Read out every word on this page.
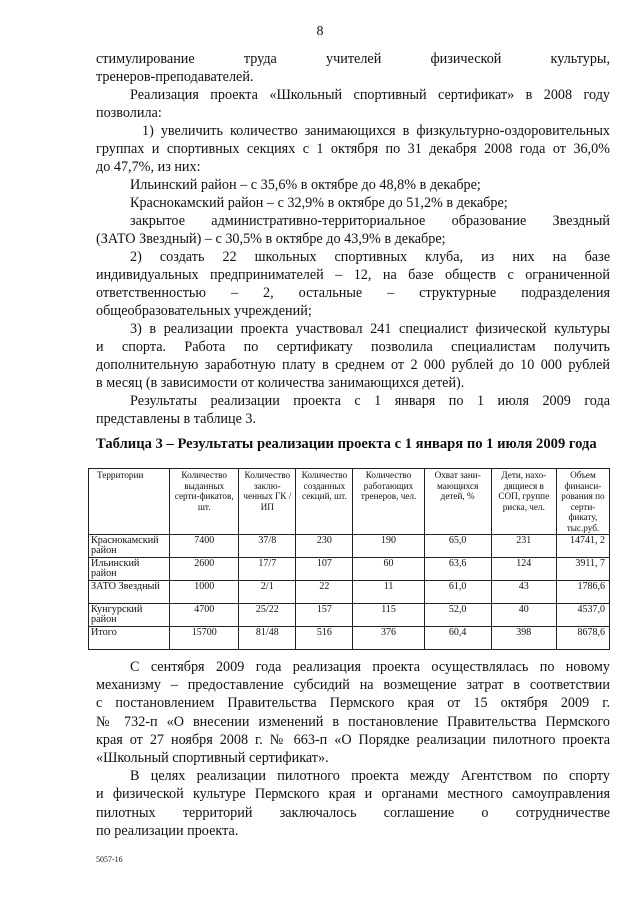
8

стимулирование труда учителей физической культуры,

тренеров-преподавателей.

Реализация проекта «Школьный спортивный сертификат» в 2008 году

позволила:

1) увеличить количество занимающихся в физкультурно-оздоровительных

группах и спортивных секциях с 1 октября по 31 декабря 2008 года от 36,0%

до 47,7%, из них:

Ильинский район – с 35,6% в октябре до 48,8% в декабре;

Краснокамский район – с 32,9% в октябре до 51,2% в декабре;

закрытое административно-территориальное образование Звездный

(ЗАТО Звездный) – с 30,5% в октябре до 43,9% в декабре;

2) создать 22 школьных спортивных клуба, из них на базе

индивидуальных предпринимателей – 12, на базе обществ с ограниченной

ответственностью – 2, остальные – структурные подразделения

общеобразовательных учреждений;

3) в реализации проекта участвовал 241 специалист физической культуры

и спорта. Работа по сертификату позволила специалистам получить

дополнительную заработную плату в среднем от 2 000 рублей до 10 000 рублей

в месяц (в зависимости от количества занимающихся детей).

Результаты реализации проекта с 1 января по 1 июля 2009 года

представлены в таблице 3.

Таблица 3 – Результаты реализации проекта с 1 января по 1 июля 2009 года
Территории	Количество выданных серти-фикатов, шт.	Количество заклю-ченных ГК / ИП	Количество созданных секций, шт.	Количество работающих тренеров, чел.	Охват зани-мающихся детей, %	Дети, нахо-дящиеся в СОП, группе риска, чел.	Объем финанси-рования по серти-фикату, тыс.руб.
Краснокамский район	7400	37/8	230	190	65,0	231	14741, 2
Ильинский район	2600	17/7	107	60	63,6	124	3911, 7
ЗАТО Звездный	1000	2/1	22	11	61,0	43	1786,6
Кунгурский район	4700	25/22	157	115	52,0	40	4537,0
Итого	15700	81/48	516	376	60,4	398	8678,6

С сентября 2009 года реализация проекта осуществлялась по новому

механизму – предоставление субсидий на возмещение затрат в соответствии

с постановлением Правительства Пермского края от 15 октября 2009 г.

№ 732-п «О внесении изменений в постановление Правительства Пермского

края от 27 ноября 2008 г. № 663-п «О Порядке реализации пилотного проекта

«Школьный спортивный сертификат».

В целях реализации пилотного проекта между Агентством по спорту

и физической культуре Пермского края и органами местного самоуправления

пилотных территорий заключалось соглашение о сотрудничестве

по реализации проекта.

5057-16
